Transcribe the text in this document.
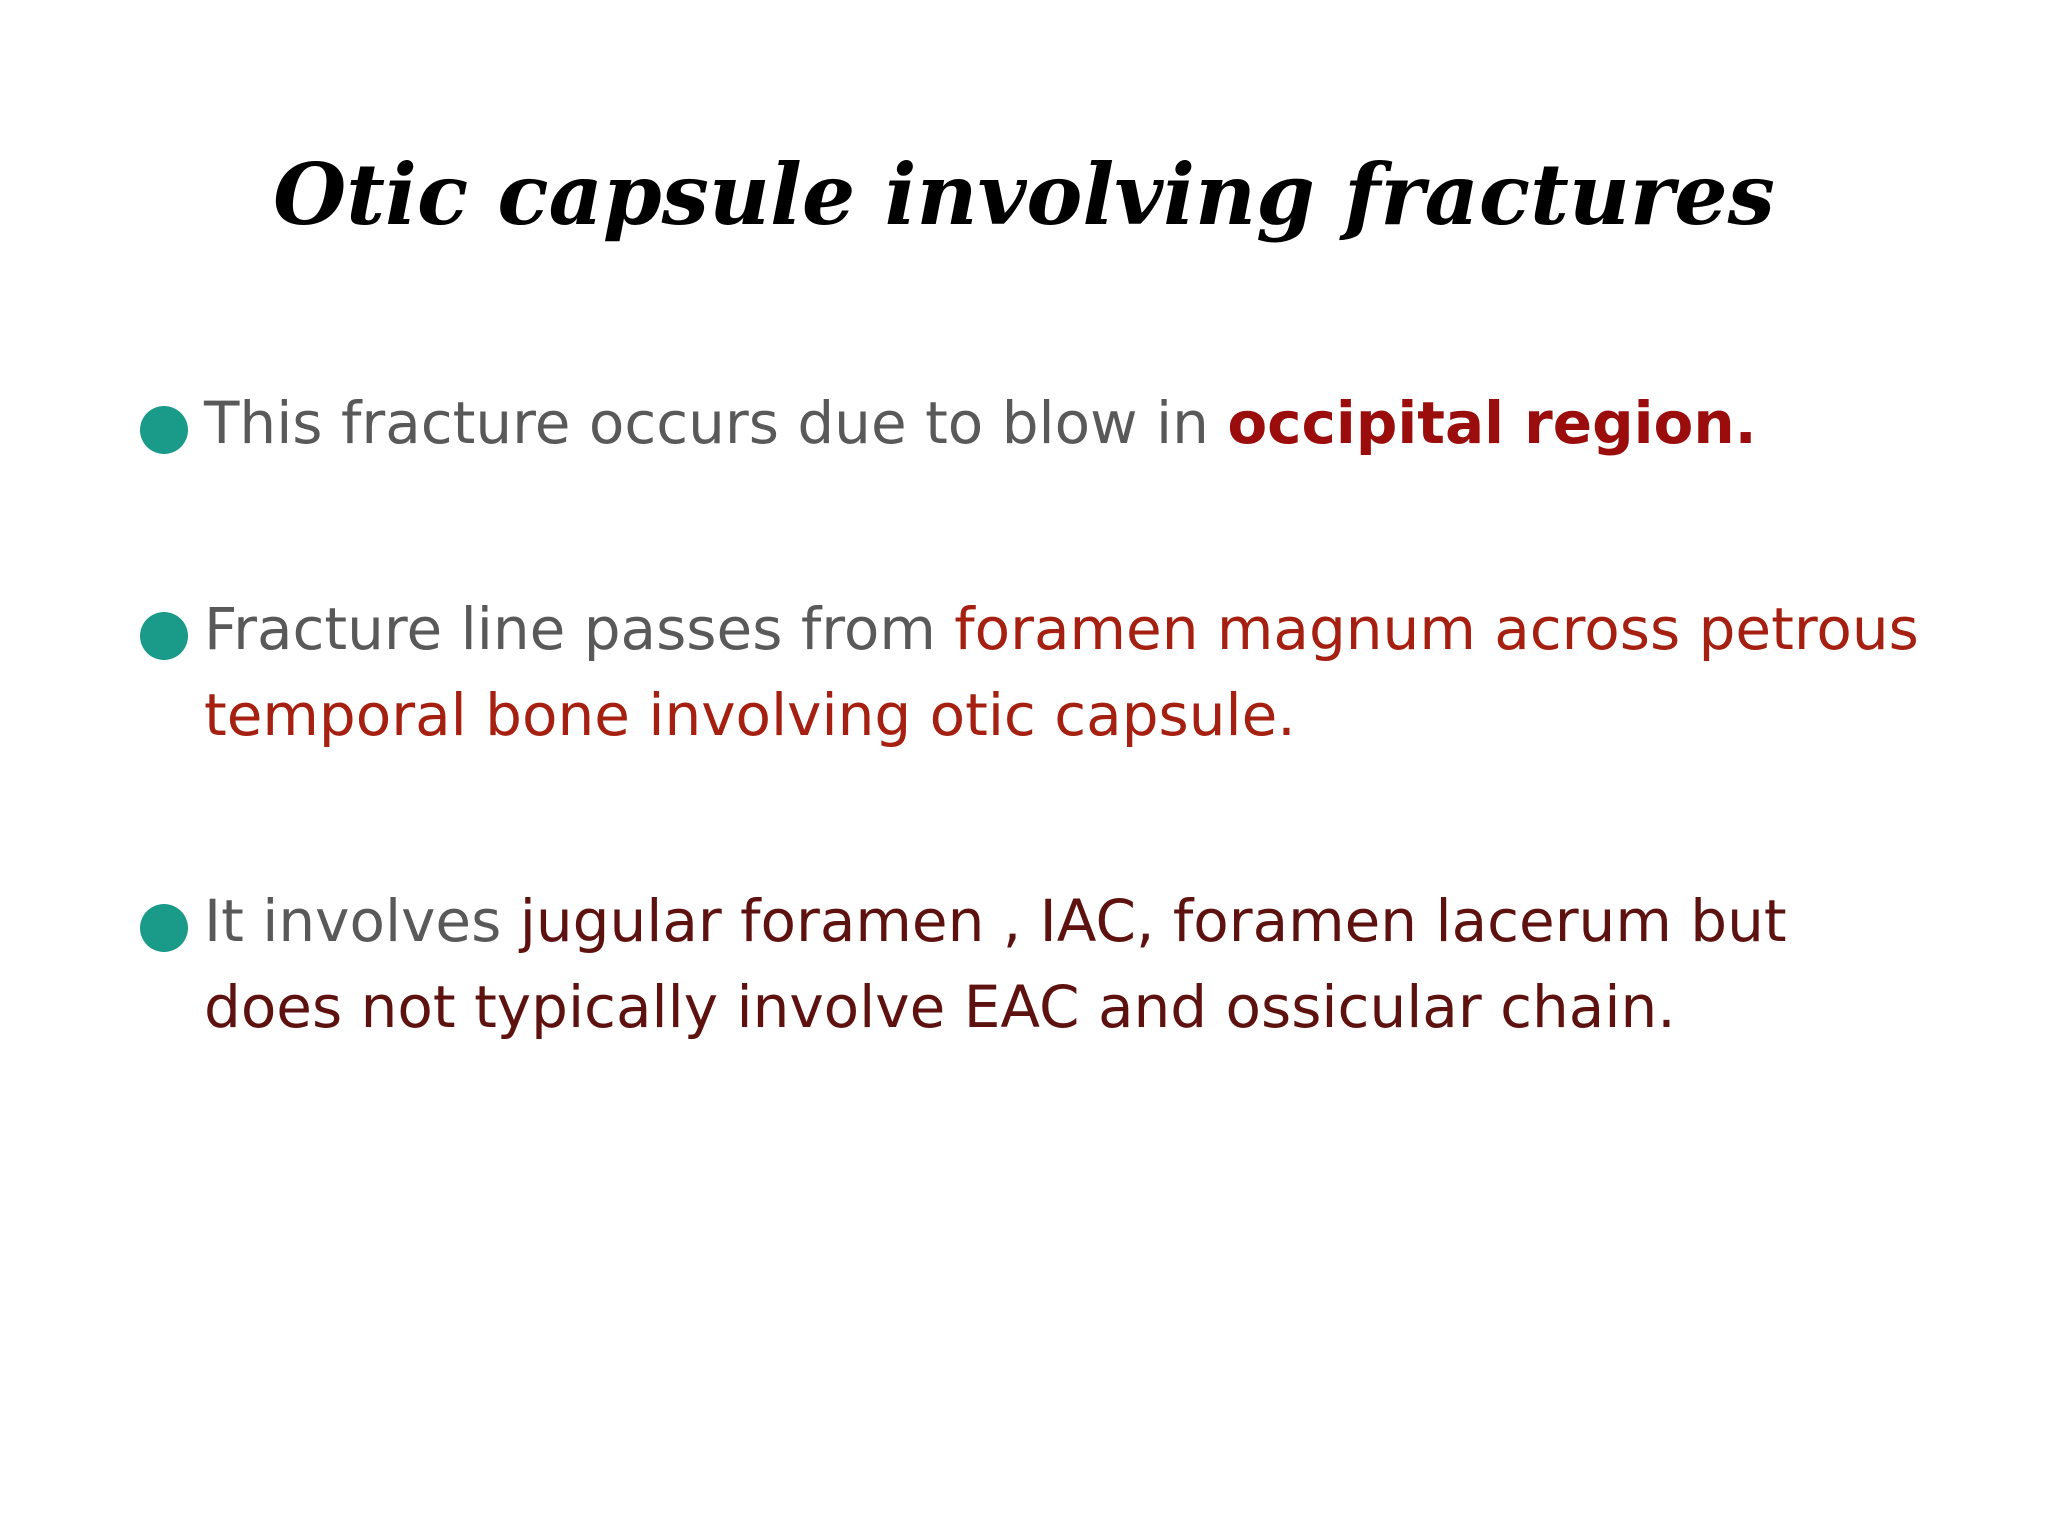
Otic capsule involving fractures
This fracture occurs due to blow in occipital region.
Fracture line passes from foramen magnum across petrous temporal bone involving otic capsule.
It involves jugular foramen , IAC, foramen lacerum but does not typically involve EAC and ossicular chain.
